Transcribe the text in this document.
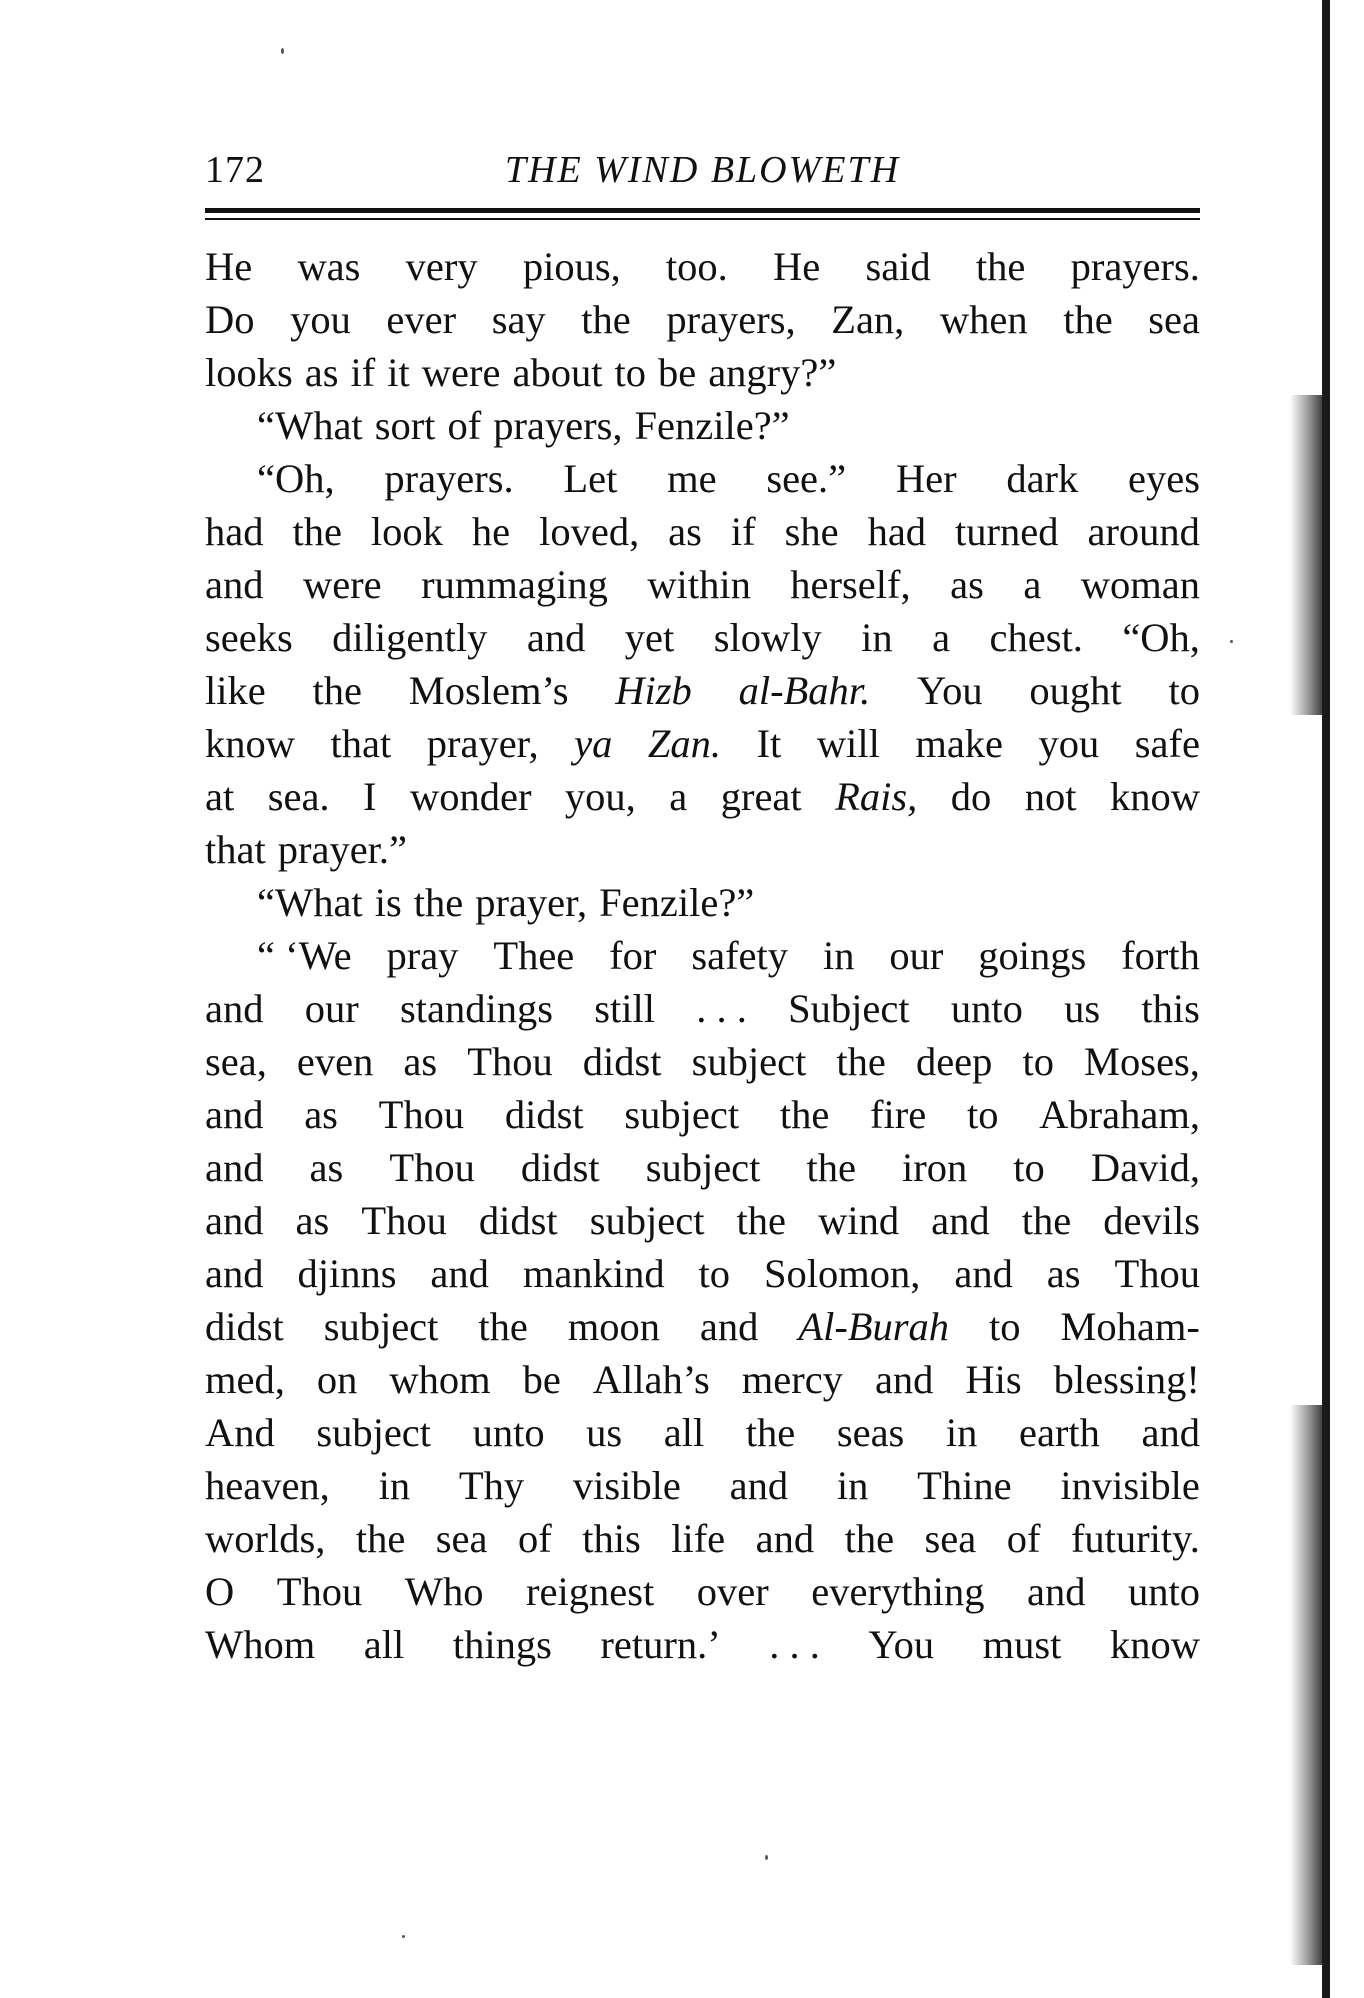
172	THE WIND BLOWETH
He was very pious, too. He said the prayers.
Do you ever say the prayers, Zan, when the sea
looks as if it were about to be angry?”
“What sort of prayers, Fenzile?”
“Oh, prayers. Let me see.” Her dark eyes
had the look he loved, as if she had turned around
and were rummaging within herself, as a woman
seeks diligently and yet slowly in a chest. “Oh,
like the Moslem’s Hizb al-Bahr. You ought to
know that prayer, ya Zan. It will make you safe
at sea. I wonder you, a great Rais, do not know
that prayer.”
“What is the prayer, Fenzile?”
“ ‘We pray Thee for safety in our goings forth
and our standings still . . . Subject unto us this
sea, even as Thou didst subject the deep to Moses,
and as Thou didst subject the fire to Abraham,
and as Thou didst subject the iron to David,
and as Thou didst subject the wind and the devils
and djinns and mankind to Solomon, and as Thou
didst subject the moon and Al-Burah to Moham-
med, on whom be Allah’s mercy and His blessing!
And subject unto us all the seas in earth and
heaven, in Thy visible and in Thine invisible
worlds, the sea of this life and the sea of futurity.
O Thou Who reignest over everything and unto
Whom all things return.’ . . . You must know
